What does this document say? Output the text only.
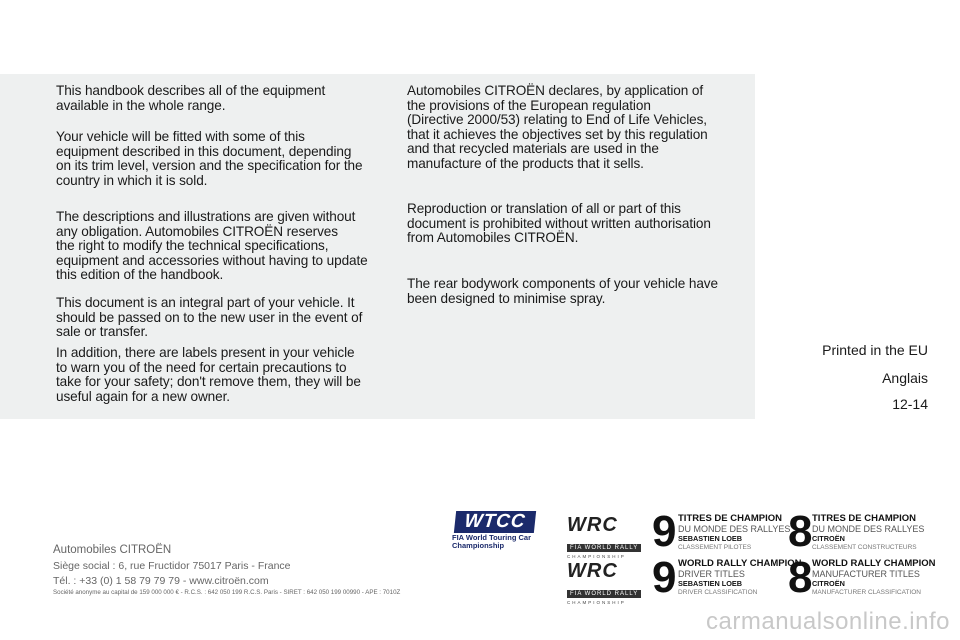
This handbook describes all of the equipment
available in the whole range.

Your vehicle will be fitted with some of this
equipment described in this document, depending
on its trim level, version and the specification for the
country in which it is sold.

The descriptions and illustrations are given without
any obligation. Automobiles CITROËN reserves
the right to modify the technical specifications,
equipment and accessories without having to update
this edition of the handbook.

This document is an integral part of your vehicle. It
should be passed on to the new user in the event of
sale or transfer.

In addition, there are labels present in your vehicle
to warn you of the need for certain precautions to
take for your safety; don't remove them, they will be
useful again for a new owner.

Automobiles CITROËN declares, by application of
the provisions of the European regulation
(Directive 2000/53) relating to End of Life Vehicles,
that it achieves the objectives set by this regulation
and that recycled materials are used in the
manufacture of the products that it sells.

Reproduction or translation of all or part of this
document is prohibited without written authorisation
from Automobiles CITROËN.

The rear bodywork components of your vehicle have
been designed to minimise spray.

Printed in the EU
Anglais
12-14
Automobiles CITROËN
Siège social : 6, rue Fructidor 75017 Paris - France
Tél. : +33 (0) 1 58 79 79 79 - www.citroën.com
Société anonyme au capital de 159 000 000 € - R.C.S. : 642 050 199 R.C.S. Paris - SIRET : 642 050 199 00990 - APE : 7010Z
WTCC
FIA World Touring Car
Championship
WRC
FIA WORLD RALLY
CHAMPIONSHIP
WRC
FIA WORLD RALLY
CHAMPIONSHIP
9 TITRES DE CHAMPION
DU MONDE DES RALLYES
SEBASTIEN LOEB
CLASSEMENT PILOTES 8 TITRES DE CHAMPION
DU MONDE DES RALLYES
CITROËN
CLASSEMENT CONSTRUCTEURS
9 WORLD RALLY CHAMPION
DRIVER TITLES
SEBASTIEN LOEB
DRIVER CLASSIFICATION 8 WORLD RALLY CHAMPION
MANUFACTURER TITLES
CITROËN
MANUFACTURER CLASSIFICATION
carmanualsonline.info
